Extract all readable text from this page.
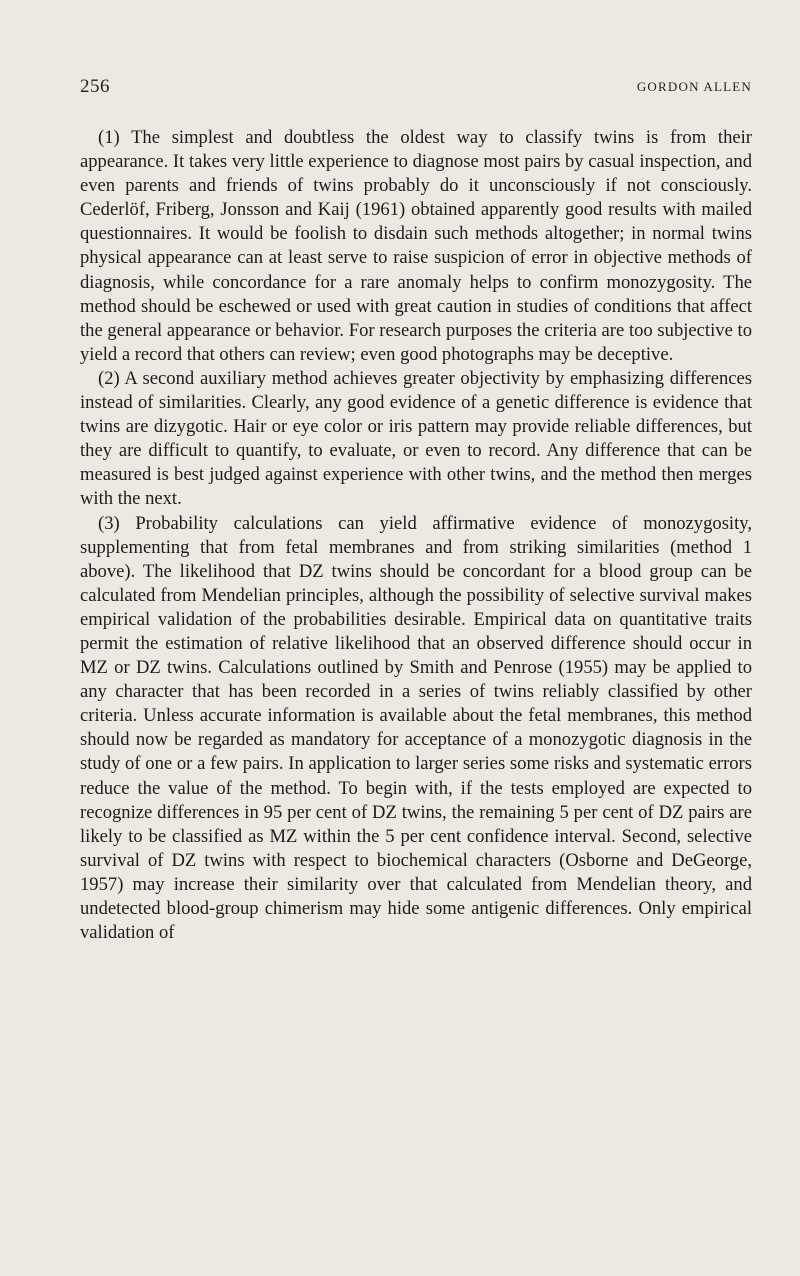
256	GORDON ALLEN

(1) The simplest and doubtless the oldest way to classify twins is from their appearance. It takes very little experience to diagnose most pairs by casual inspection, and even parents and friends of twins probably do it unconsciously if not consciously. Cederlöf, Friberg, Jonsson and Kaij (1961) obtained apparently good results with mailed questionnaires. It would be foolish to disdain such methods altogether; in normal twins physical appearance can at least serve to raise suspicion of error in objective methods of diagnosis, while concordance for a rare anomaly helps to confirm monozygosity. The method should be eschewed or used with great caution in studies of conditions that affect the general appearance or behavior. For research purposes the criteria are too subjective to yield a record that others can review; even good photographs may be deceptive.

(2) A second auxiliary method achieves greater objectivity by emphasizing differences instead of similarities. Clearly, any good evidence of a genetic difference is evidence that twins are dizygotic. Hair or eye color or iris pattern may provide reliable differences, but they are difficult to quantify, to evaluate, or even to record. Any difference that can be measured is best judged against experience with other twins, and the method then merges with the next.

(3) Probability calculations can yield affirmative evidence of monozygosity, supplementing that from fetal membranes and from striking similarities (method 1 above). The likelihood that DZ twins should be concordant for a blood group can be calculated from Mendelian principles, although the possibility of selective survival makes empirical validation of the probabilities desirable. Empirical data on quantitative traits permit the estimation of relative likelihood that an observed difference should occur in MZ or DZ twins. Calculations outlined by Smith and Penrose (1955) may be applied to any character that has been recorded in a series of twins reliably classified by other criteria. Unless accurate information is available about the fetal membranes, this method should now be regarded as mandatory for acceptance of a monozygotic diagnosis in the study of one or a few pairs. In application to larger series some risks and systematic errors reduce the value of the method. To begin with, if the tests employed are expected to recognize differences in 95 per cent of DZ twins, the remaining 5 per cent of DZ pairs are likely to be classified as MZ within the 5 per cent confidence interval. Second, selective survival of DZ twins with respect to biochemical characters (Osborne and DeGeorge, 1957) may increase their similarity over that calculated from Mendelian theory, and undetected blood-group chimerism may hide some antigenic differences. Only empirical validation of
